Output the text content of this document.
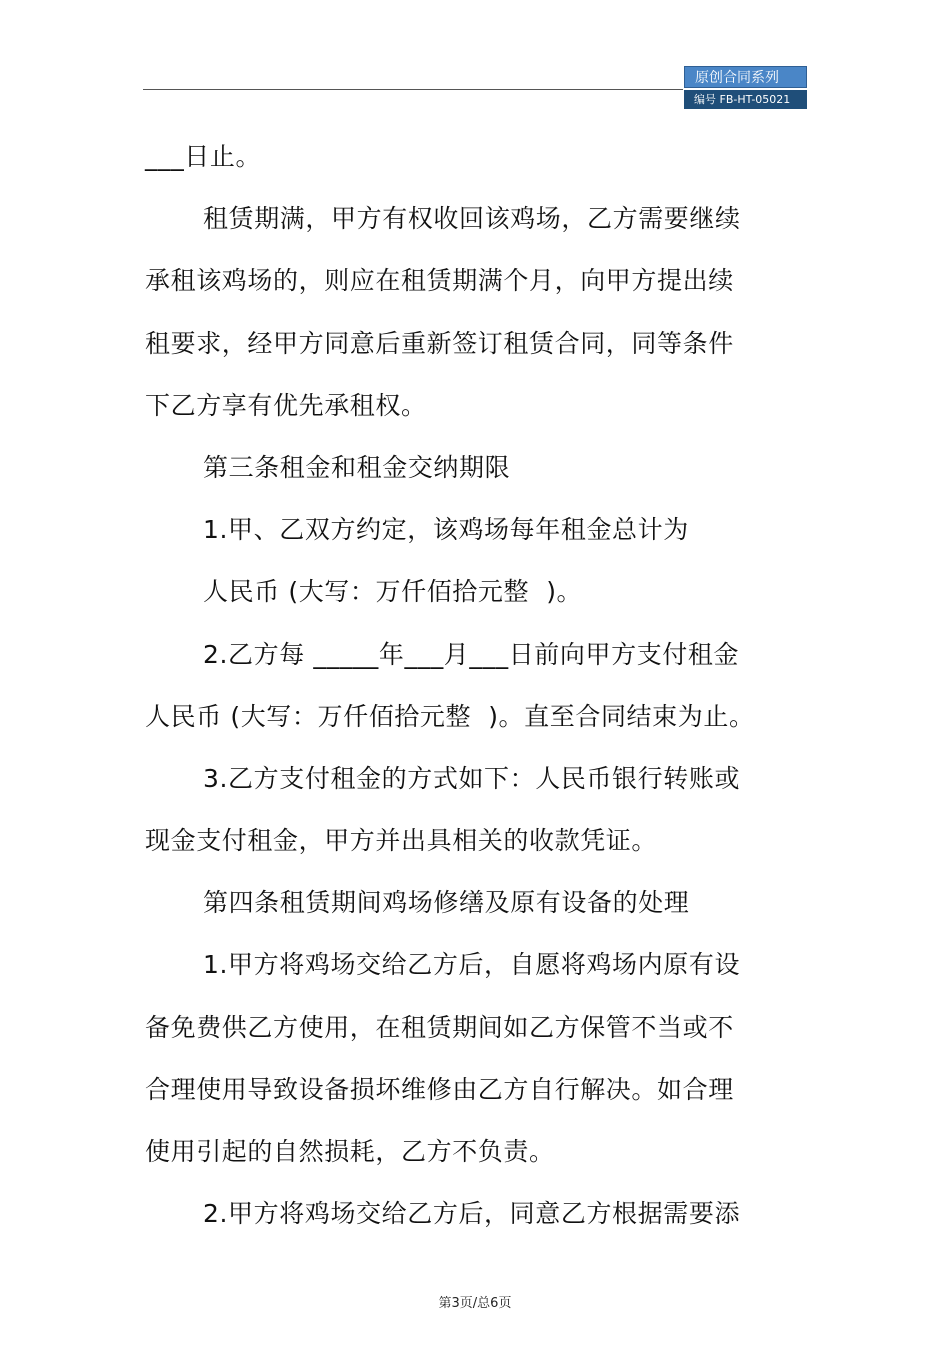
原创合同系列
编号 FB-HT-05021
___日止。
租赁期满，甲方有权收回该鸡场，乙方需要继续
承租该鸡场的，则应在租赁期满个月，向甲方提出续
租要求，经甲方同意后重新签订租赁合同，同等条件
下乙方享有优先承租权。
第三条租金和租金交纳期限
1.甲、乙双方约定，该鸡场每年租金总计为
人民币 (大写：万仟佰拾元整  )。
2.乙方每 _____年___月___日前向甲方支付租金
人民币 (大写：万仟佰拾元整  )。直至合同结束为止。
3.乙方支付租金的方式如下：人民币银行转账或
现金支付租金，甲方并出具相关的收款凭证。
第四条租赁期间鸡场修缮及原有设备的处理
1.甲方将鸡场交给乙方后，自愿将鸡场内原有设
备免费供乙方使用，在租赁期间如乙方保管不当或不
合理使用导致设备损坏维修由乙方自行解决。如合理
使用引起的自然损耗，乙方不负责。
2.甲方将鸡场交给乙方后，同意乙方根据需要添
第3页/总6页
